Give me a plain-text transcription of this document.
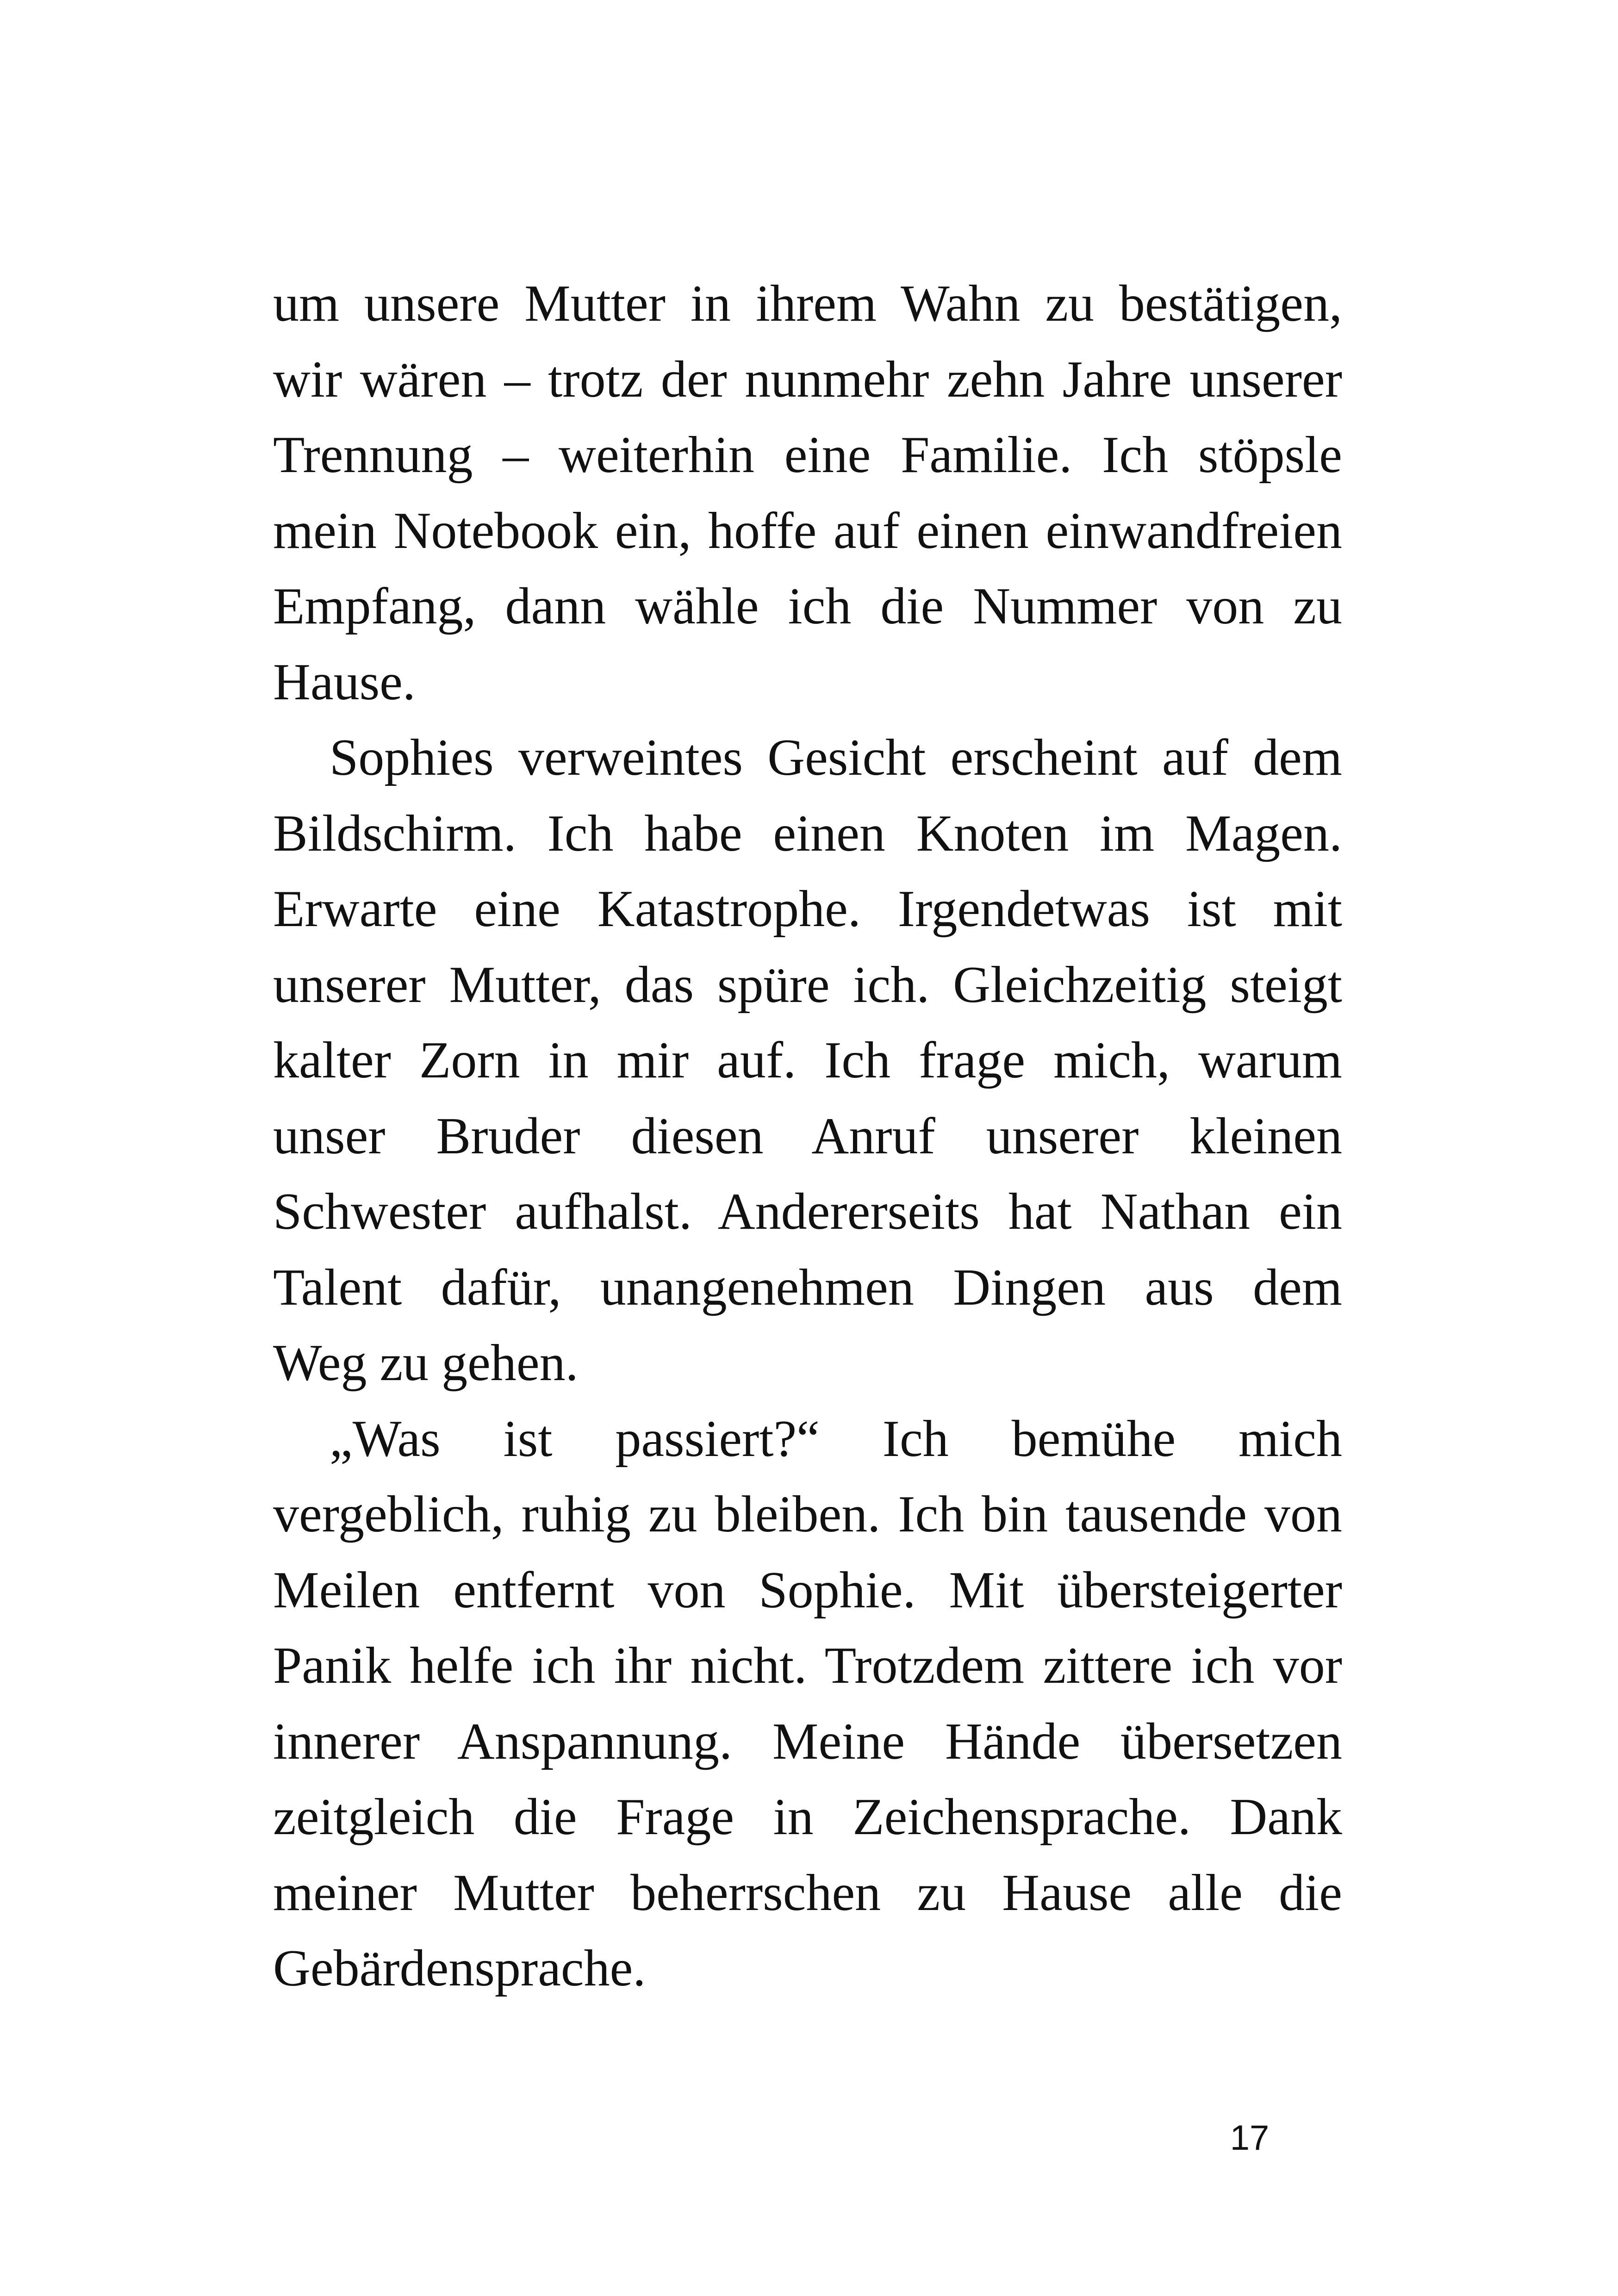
um unsere Mutter in ihrem Wahn zu bestätigen,
wir wären – trotz der nunmehr zehn Jahre unserer
Trennung – weiterhin eine Familie. Ich stöpsle
mein Notebook ein, hoffe auf einen einwandfreien
Empfang, dann wähle ich die Nummer von zu
Hause.
Sophies verweintes Gesicht erscheint auf dem
Bildschirm. Ich habe einen Knoten im Magen.
Erwarte eine Katastrophe. Irgendetwas ist mit
unserer Mutter, das spüre ich. Gleichzeitig steigt
kalter Zorn in mir auf. Ich frage mich, warum
unser Bruder diesen Anruf unserer kleinen
Schwester aufhalst. Andererseits hat Nathan ein
Talent dafür, unangenehmen Dingen aus dem
Weg zu gehen.
„Was ist passiert?“ Ich bemühe mich
vergeblich, ruhig zu bleiben. Ich bin tausende von
Meilen entfernt von Sophie. Mit übersteigerter
Panik helfe ich ihr nicht. Trotzdem zittere ich vor
innerer Anspannung. Meine Hände übersetzen
zeitgleich die Frage in Zeichensprache. Dank
meiner Mutter beherrschen zu Hause alle die
Gebärdensprache.
17
